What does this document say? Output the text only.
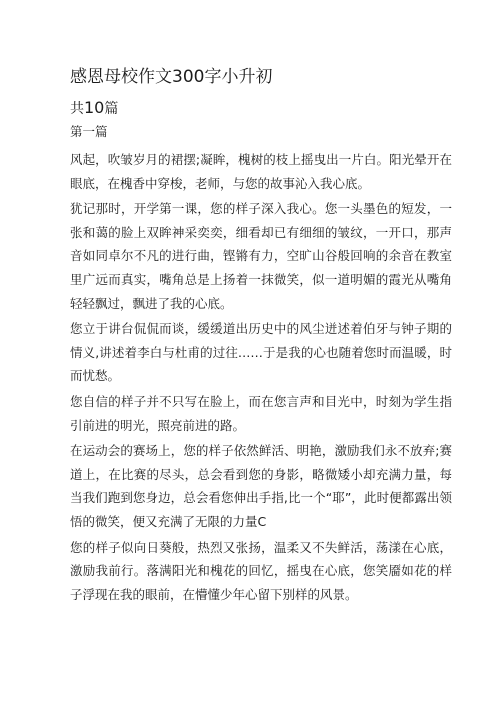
感恩母校作文300字小升初
共10篇
第一篇

风起，吹皱岁月的裙摆;凝眸，槐树的枝上摇曳出一片白。阳光晕开在眼底，在槐香中穿梭，老师，与您的故事沁入我心底。

犹记那时，开学第一课，您的样子深入我心。您一头墨色的短发，一张和蔼的脸上双眸神采奕奕，细看却已有细细的皱纹，一开口，那声音如同卓尔不凡的进行曲，铿锵有力，空旷山谷般回响的余音在教室里广远而真实，嘴角总是上扬着一抹微笑，似一道明媚的霞光从嘴角轻轻飘过，飘进了我的心底。

您立于讲台侃侃而谈，缓缓道出历史中的风尘迸述着伯牙与钟子期的情义,讲述着李白与杜甫的过往……于是我的心也随着您时而温暖，时而忧愁。

您自信的样子并不只写在脸上，而在您言声和目光中，时刻为学生指引前进的明光，照亮前进的路。

在运动会的赛场上，您的样子依然鲜活、明艳，激励我们永不放弃;赛道上，在比赛的尽头，总会看到您的身影，略微矮小却充满力量，每当我们跑到您身边，总会看您伸出手指,比一个“耶”，此时便都露出领悟的微笑，便又充满了无限的力量C

您的样子似向日葵般，热烈又张扬，温柔又不失鲜活，荡漾在心底，激励我前行。落满阳光和槐花的回忆，摇曳在心底，您笑靥如花的样子浮现在我的眼前，在懵懂少年心留下别样的风景。
